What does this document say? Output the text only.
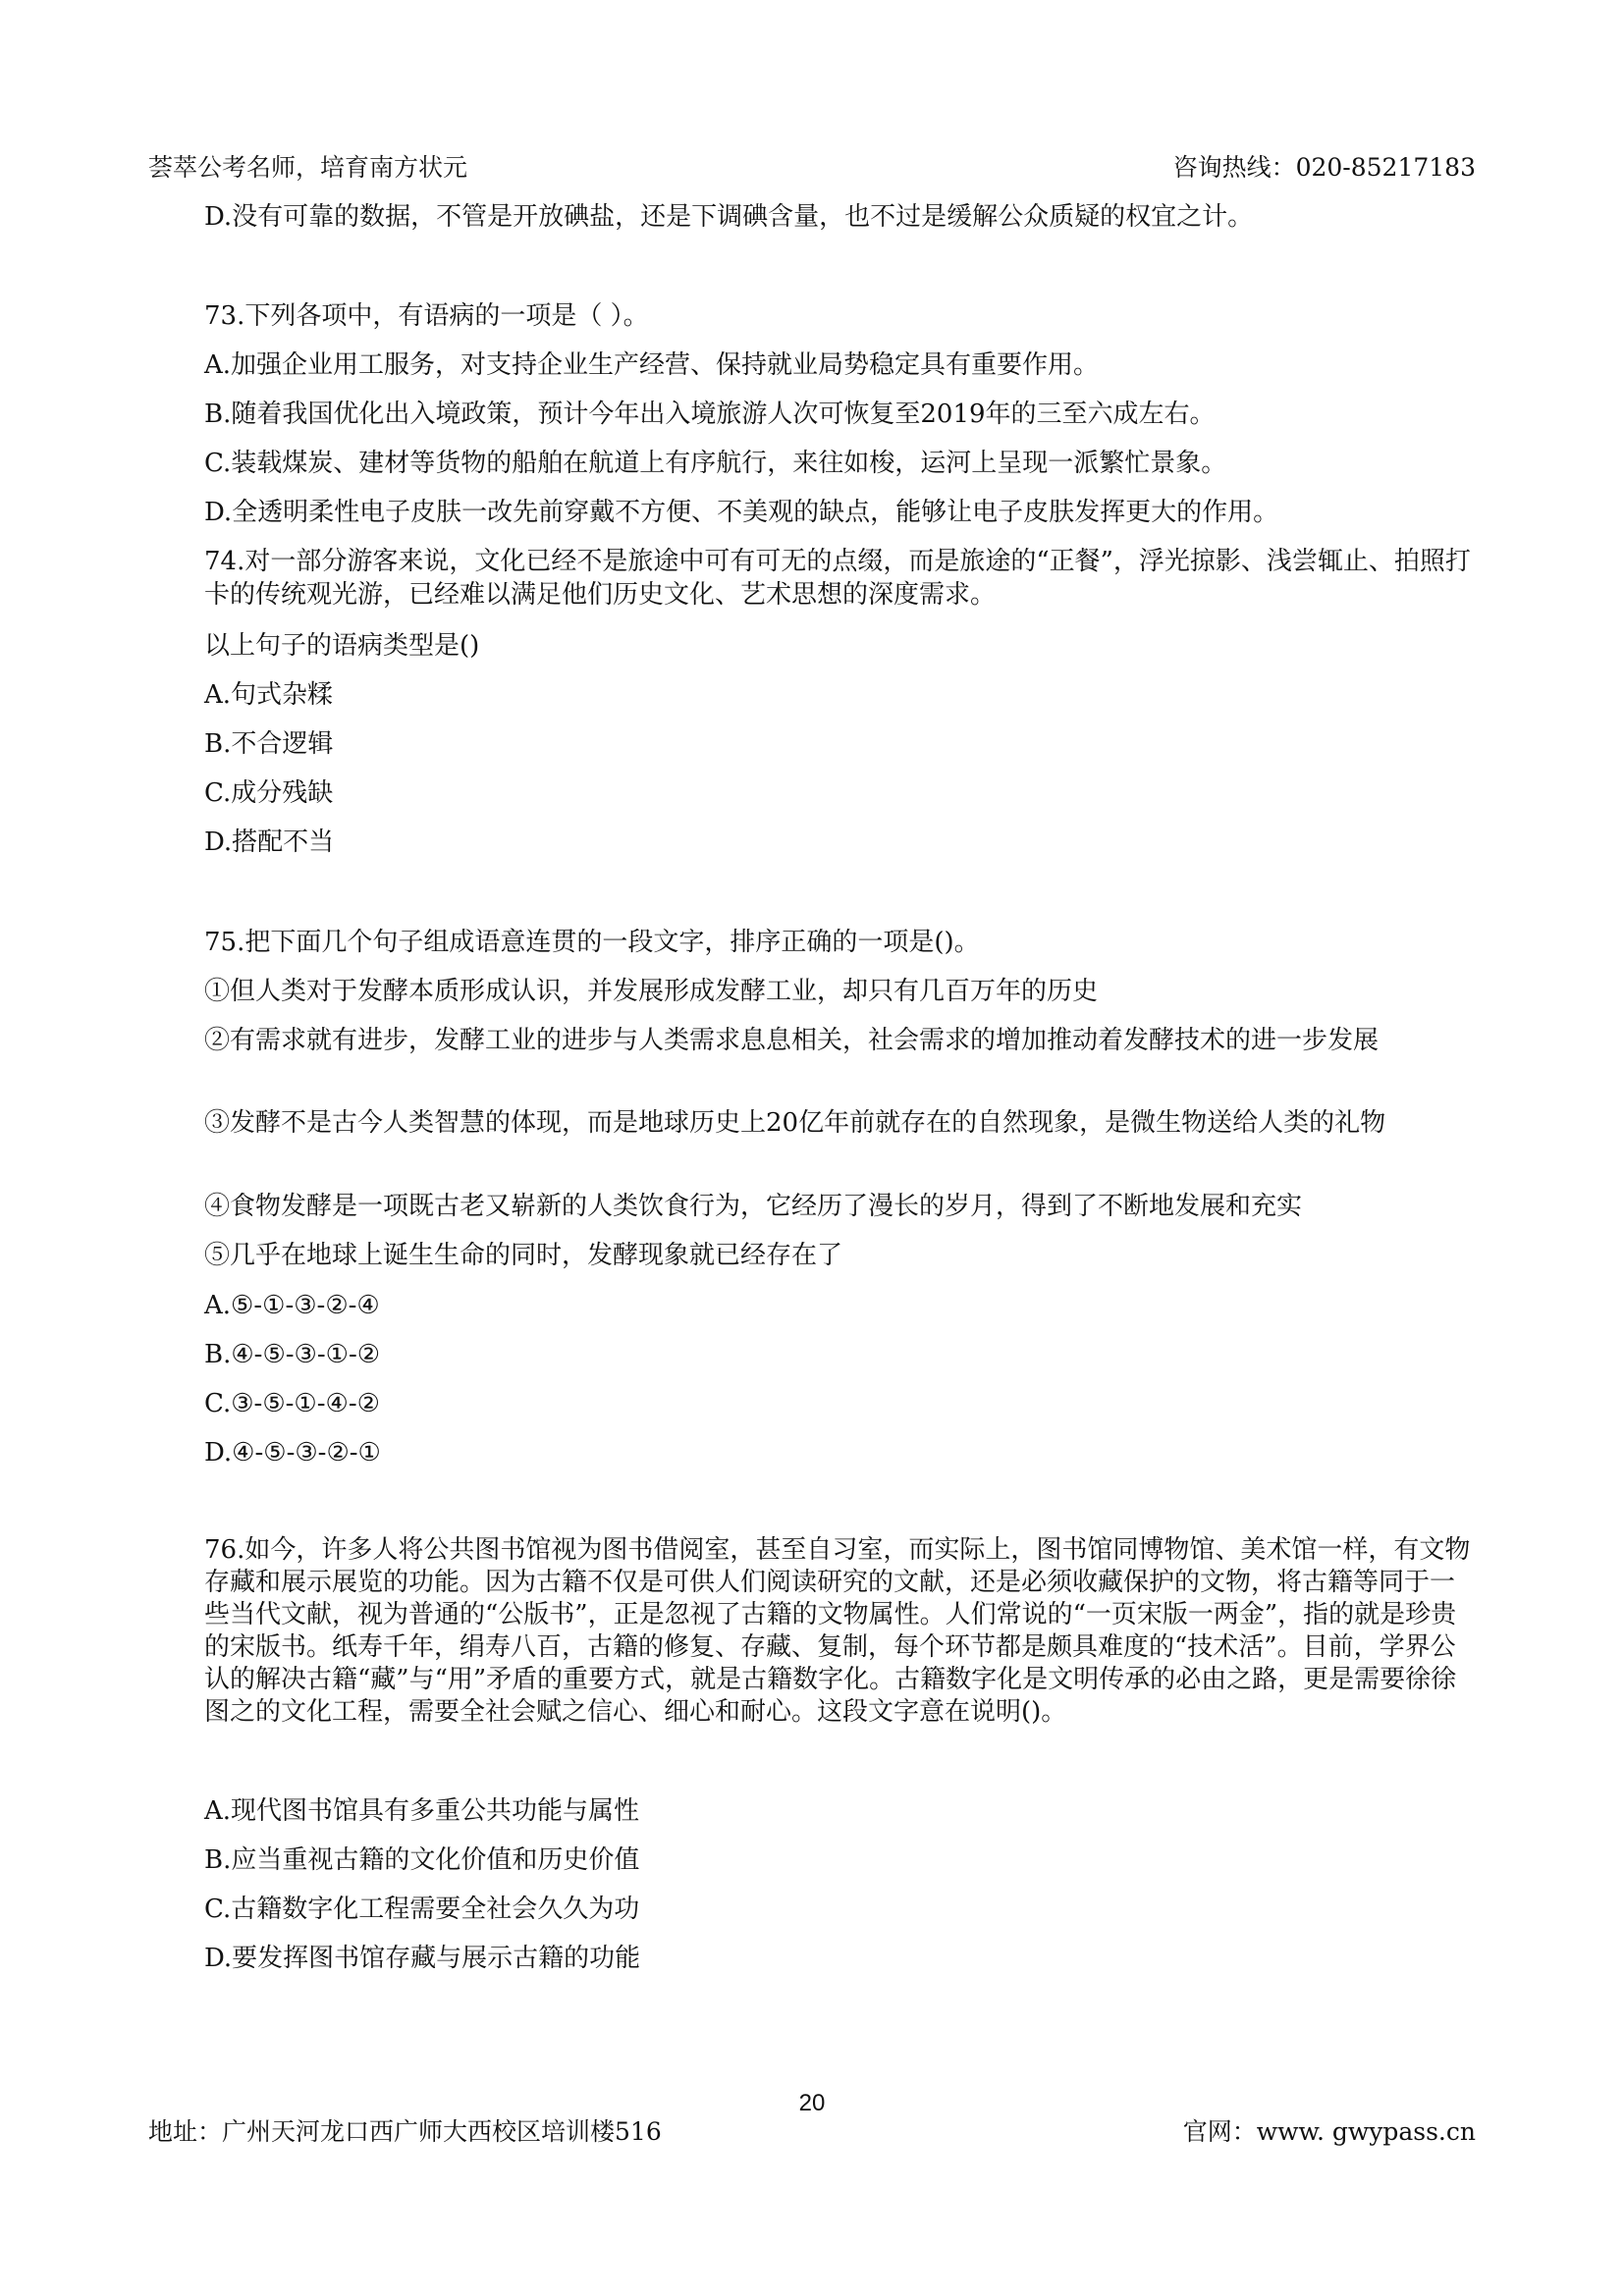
荟萃公考名师，培育南方状元	咨询热线：020-85217183
D.没有可靠的数据，不管是开放碘盐，还是下调碘含量，也不过是缓解公众质疑的权宜之计。
73.下列各项中，有语病的一项是（ ）。
A.加强企业用工服务，对支持企业生产经营、保持就业局势稳定具有重要作用。
B.随着我国优化出入境政策，预计今年出入境旅游人次可恢复至2019年的三至六成左右。
C.装载煤炭、建材等货物的船舶在航道上有序航行，来往如梭，运河上呈现一派繁忙景象。
D.全透明柔性电子皮肤一改先前穿戴不方便、不美观的缺点，能够让电子皮肤发挥更大的作用。
74.对一部分游客来说，文化已经不是旅途中可有可无的点缀，而是旅途的“正餐”，浮光掠影、浅尝辄止、拍照打卡的传统观光游，已经难以满足他们历史文化、艺术思想的深度需求。
以上句子的语病类型是()
A.句式杂糅
B.不合逻辑
C.成分残缺
D.搭配不当
75.把下面几个句子组成语意连贯的一段文字，排序正确的一项是()。
①但人类对于发酵本质形成认识，并发展形成发酵工业，却只有几百万年的历史
②有需求就有进步，发酵工业的进步与人类需求息息相关，社会需求的增加推动着发酵技术的进一步发展
③发酵不是古今人类智慧的体现，而是地球历史上20亿年前就存在的自然现象，是微生物送给人类的礼物
④食物发酵是一项既古老又崭新的人类饮食行为，它经历了漫长的岁月，得到了不断地发展和充实
⑤几乎在地球上诞生生命的同时，发酵现象就已经存在了
A.⑤-①-③-②-④
B.④-⑤-③-①-②
C.③-⑤-①-④-②
D.④-⑤-③-②-①
76.如今，许多人将公共图书馆视为图书借阅室，甚至自习室，而实际上，图书馆同博物馆、美术馆一样，有文物存藏和展示展览的功能。因为古籍不仅是可供人们阅读研究的文献，还是必须收藏保护的文物，将古籍等同于一些当代文献，视为普通的“公版书”，正是忽视了古籍的文物属性。人们常说的“一页宋版一两金”，指的就是珍贵的宋版书。纸寿千年，绢寿八百，古籍的修复、存藏、复制，每个环节都是颇具难度的“技术活”。目前，学界公认的解决古籍“藏”与“用”矛盾的重要方式，就是古籍数字化。古籍数字化是文明传承的必由之路，更是需要徐徐图之的文化工程，需要全社会赋之信心、细心和耐心。这段文字意在说明()。
A.现代图书馆具有多重公共功能与属性
B.应当重视古籍的文化价值和历史价值
C.古籍数字化工程需要全社会久久为功
D.要发挥图书馆存藏与展示古籍的功能
20
地址：广州天河龙口西广师大西校区培训楼516	官网：www. gwypass.cn
